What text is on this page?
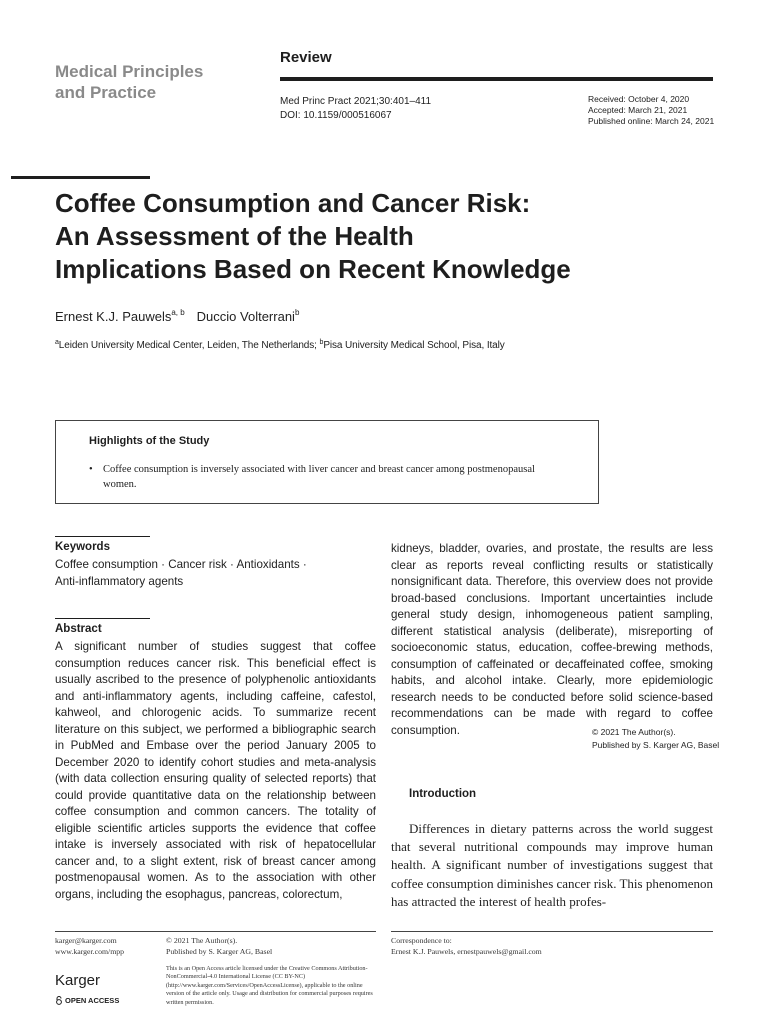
Medical Principles
and Practice
Review
Med Princ Pract 2021;30:401–411
DOI: 10.1159/000516067
Received: October 4, 2020
Accepted: March 21, 2021
Published online: March 24, 2021
Coffee Consumption and Cancer Risk:
An Assessment of the Health
Implications Based on Recent Knowledge
Ernest K.J. Pauwels$^{a, b}$ Duccio Volterrani$^b$
$^a$Leiden University Medical Center, Leiden, The Netherlands; $^b$Pisa University Medical School, Pisa, Italy
Highlights of the Study
• Coffee consumption is inversely associated with liver cancer and breast cancer among postmenopausal women.
Keywords
Coffee consumption · Cancer risk · Antioxidants · Anti-inflammatory agents
Abstract
A significant number of studies suggest that coffee consumption reduces cancer risk. This beneficial effect is usually ascribed to the presence of polyphenolic antioxidants and anti-inflammatory agents, including caffeine, cafestol, kahweol, and chlorogenic acids. To summarize recent literature on this subject, we performed a bibliographic search in PubMed and Embase over the period January 2005 to December 2020 to identify cohort studies and meta-analysis (with data collection ensuring quality of selected reports) that could provide quantitative data on the relationship between coffee consumption and common cancers. The totality of eligible scientific articles supports the evidence that coffee intake is inversely associated with risk of hepatocellular cancer and, to a slight extent, risk of breast cancer among postmenopausal women. As to the association with other organs, including the esophagus, pancreas, colorectum,
kidneys, bladder, ovaries, and prostate, the results are less clear as reports reveal conflicting results or statistically nonsignificant data. Therefore, this overview does not provide broad-based conclusions. Important uncertainties include general study design, inhomogeneous patient sampling, different statistical analysis (deliberate), misreporting of socioeconomic status, education, coffee-brewing methods, consumption of caffeinated or decaffeinated coffee, smoking habits, and alcohol intake. Clearly, more epidemiologic research needs to be conducted before solid science-based recommendations can be made with regard to coffee consumption.	© 2021 The Author(s).
Published by S. Karger AG, Basel
Introduction
Differences in dietary patterns across the world suggest that several nutritional compounds may improve human health. A significant number of investigations suggest that coffee consumption diminishes cancer risk. This phenomenon has attracted the interest of health profes-
karger@karger.com
www.karger.com/mpp
© 2021 The Author(s).
Published by S. Karger AG, Basel
This is an Open Access article licensed under the Creative Commons Attribution-NonCommercial-4.0 International License (CC BY-NC) (http://www.karger.com/Services/OpenAccessLicense), applicable to the online version of the article only. Usage and distribution for commercial purposes requires written permission.
Correspondence to:
Ernest K.J. Pauwels, ernestpauwels@gmail.com
Karger
OPEN ACCESS
